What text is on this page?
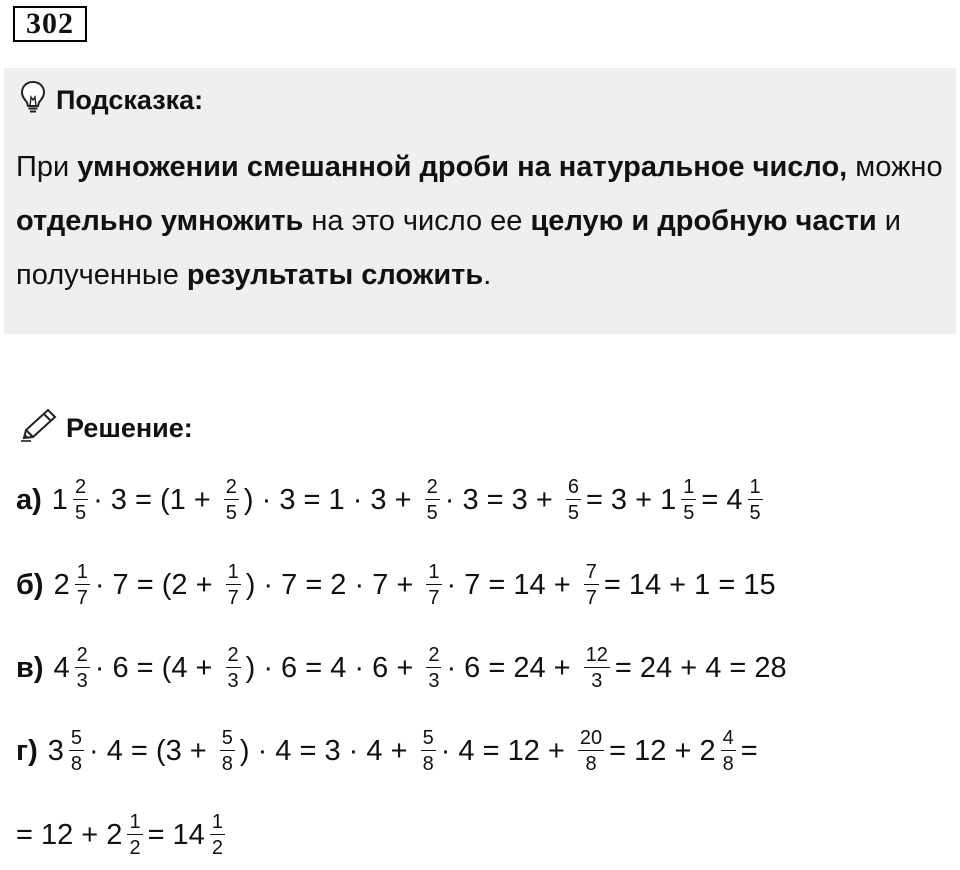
302
Подсказка:
При умножении смешанной дроби на натуральное число, можно отдельно умножить на это число ее целую и дробную части и полученные результаты сложить.
Решение:
а) $1 \frac{2}{5} \cdot 3 = (1 + \frac{2}{5}$ ) · $3 = 1 \cdot 3 + \frac{2}{5} \cdot 3 = 3 + \frac{6}{5} = 3 + 1 \frac{1}{5} = 4 \frac{1}{5}$
б) $2 \frac{1}{7} \cdot 7 = (2 + \frac{1}{7}$ ) · $7 = 2 \cdot 7 + \frac{1}{7} \cdot 7 = 14 + \frac{7}{7} = 14 + 1 = 15$
в) $4 \frac{2}{3} \cdot 6 = (4 + \frac{2}{3}$ ) · $6 = 4 \cdot 6 + \frac{2}{3} \cdot 6 = 24 + \frac{12}{3} = 24 + 4 = 28$
г) $3 \frac{5}{8} \cdot 4 = (3 + \frac{5}{8}$ ) · $4 = 3 \cdot 4 + \frac{5}{8} \cdot 4 = 12 + \frac{20}{8} = 12 + 2 \frac{4}{8}$ =
= $12 + 2 \frac{1}{2} = 14 \frac{1}{2}$
